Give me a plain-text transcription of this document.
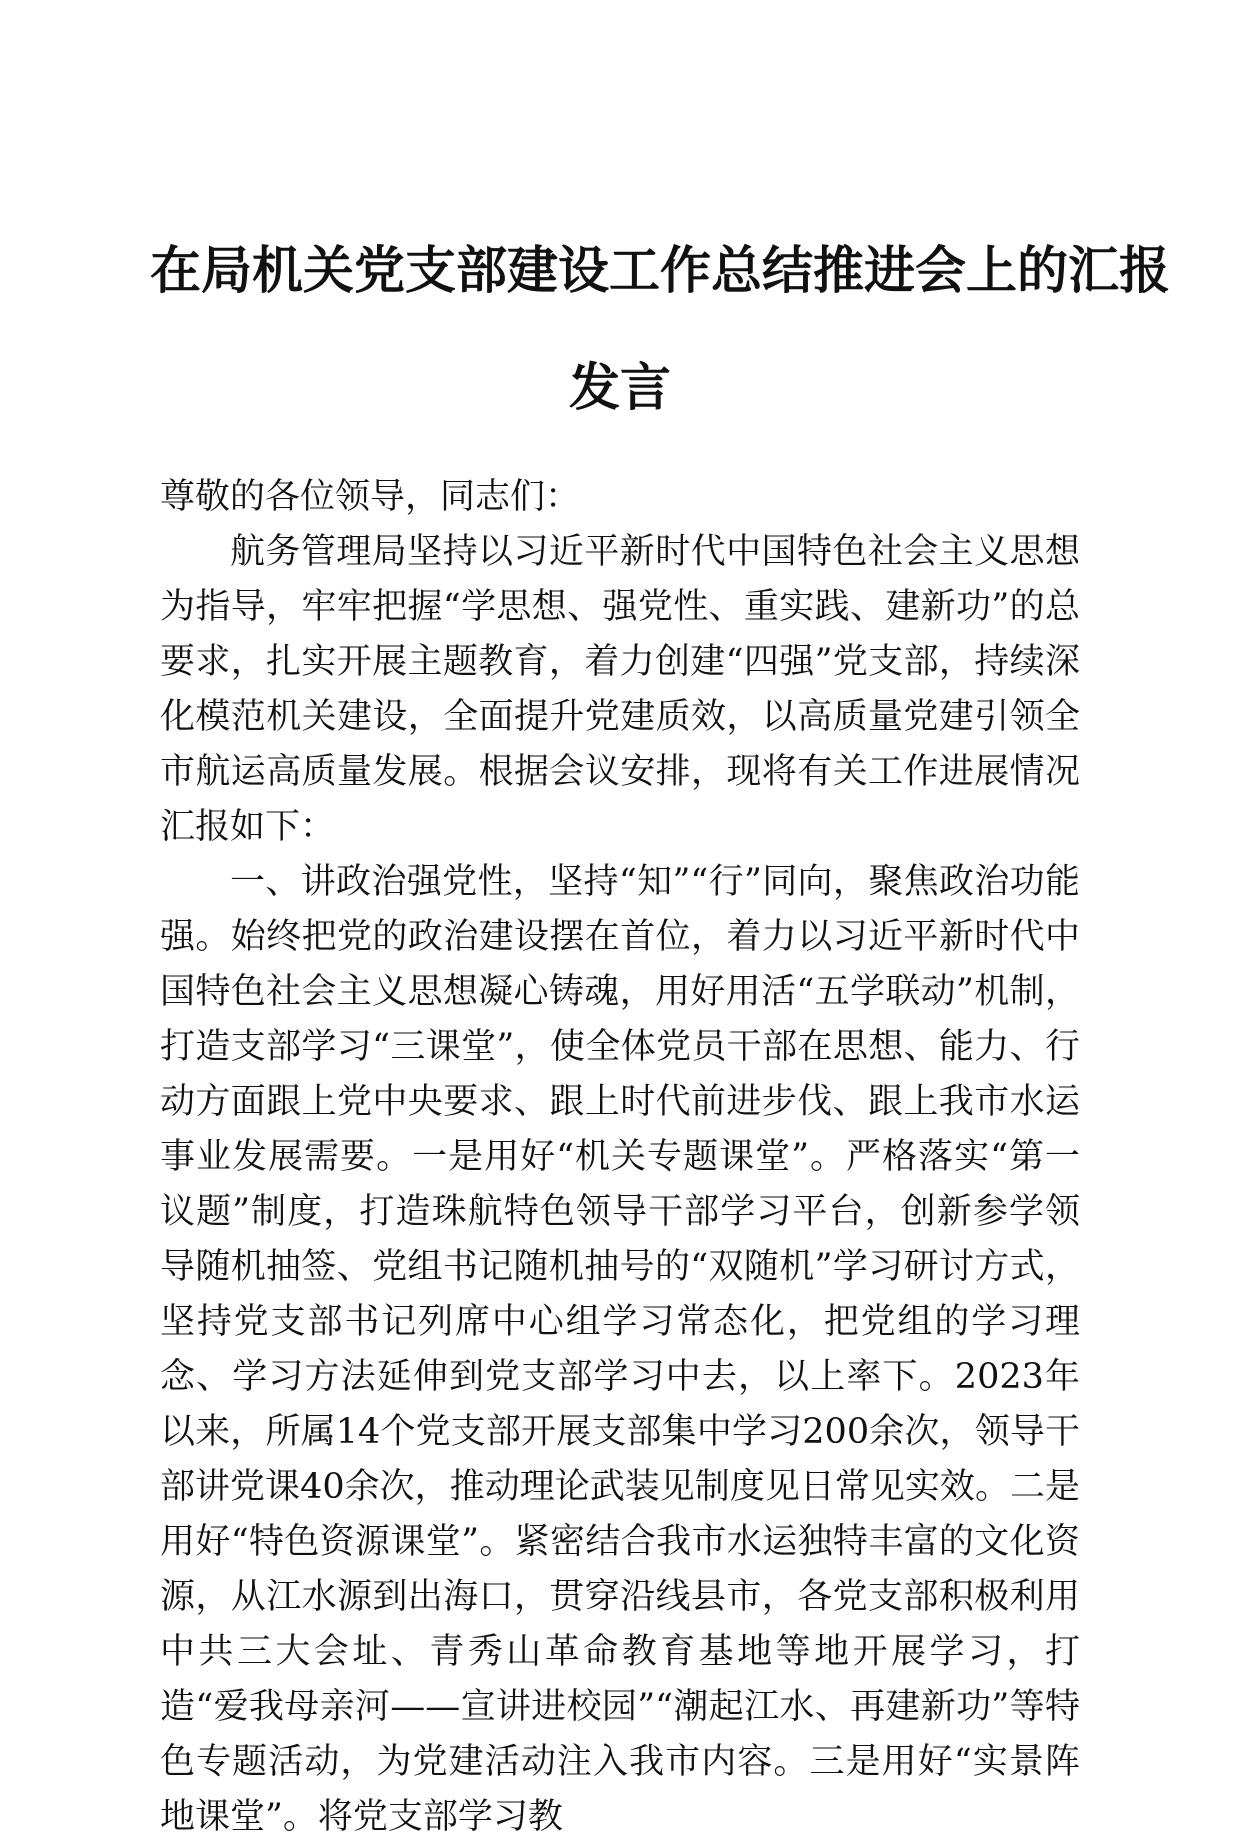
在局机关党支部建设工作总结推进会上的汇报
发言

尊敬的各位领导，同志们：

航务管理局坚持以习近平新时代中国特色社会主义思想为指导，牢牢把握“学思想、强党性、重实践、建新功”的总要求，扎实开展主题教育，着力创建“四强”党支部，持续深化模范机关建设，全面提升党建质效，以高质量党建引领全市航运高质量发展。根据会议安排，现将有关工作进展情况汇报如下：

一、讲政治强党性，坚持“知”“行”同向，聚焦政治功能强。始终把党的政治建设摆在首位，着力以习近平新时代中国特色社会主义思想凝心铸魂，用好用活“五学联动”机制，打造支部学习“三课堂”，使全体党员干部在思想、能力、行动方面跟上党中央要求、跟上时代前进步伐、跟上我市水运事业发展需要。一是用好“机关专题课堂”。严格落实“第一议题”制度，打造珠航特色领导干部学习平台，创新参学领导随机抽签、党组书记随机抽号的“双随机”学习研讨方式，坚持党支部书记列席中心组学习常态化，把党组的学习理念、学习方法延伸到党支部学习中去，以上率下。2023年以来，所属14个党支部开展支部集中学习200余次，领导干部讲党课40余次，推动理论武装见制度见日常见实效。二是用好“特色资源课堂”。紧密结合我市水运独特丰富的文化资源，从江水源到出海口，贯穿沿线县市，各党支部积极利用中共三大会址、青秀山革命教育基地等地开展学习，打造“爱我母亲河——宣讲进校园”“潮起江水、再建新功”等特色专题活动，为党建活动注入我市内容。三是用好“实景阵地课堂”。将党支部学习教
